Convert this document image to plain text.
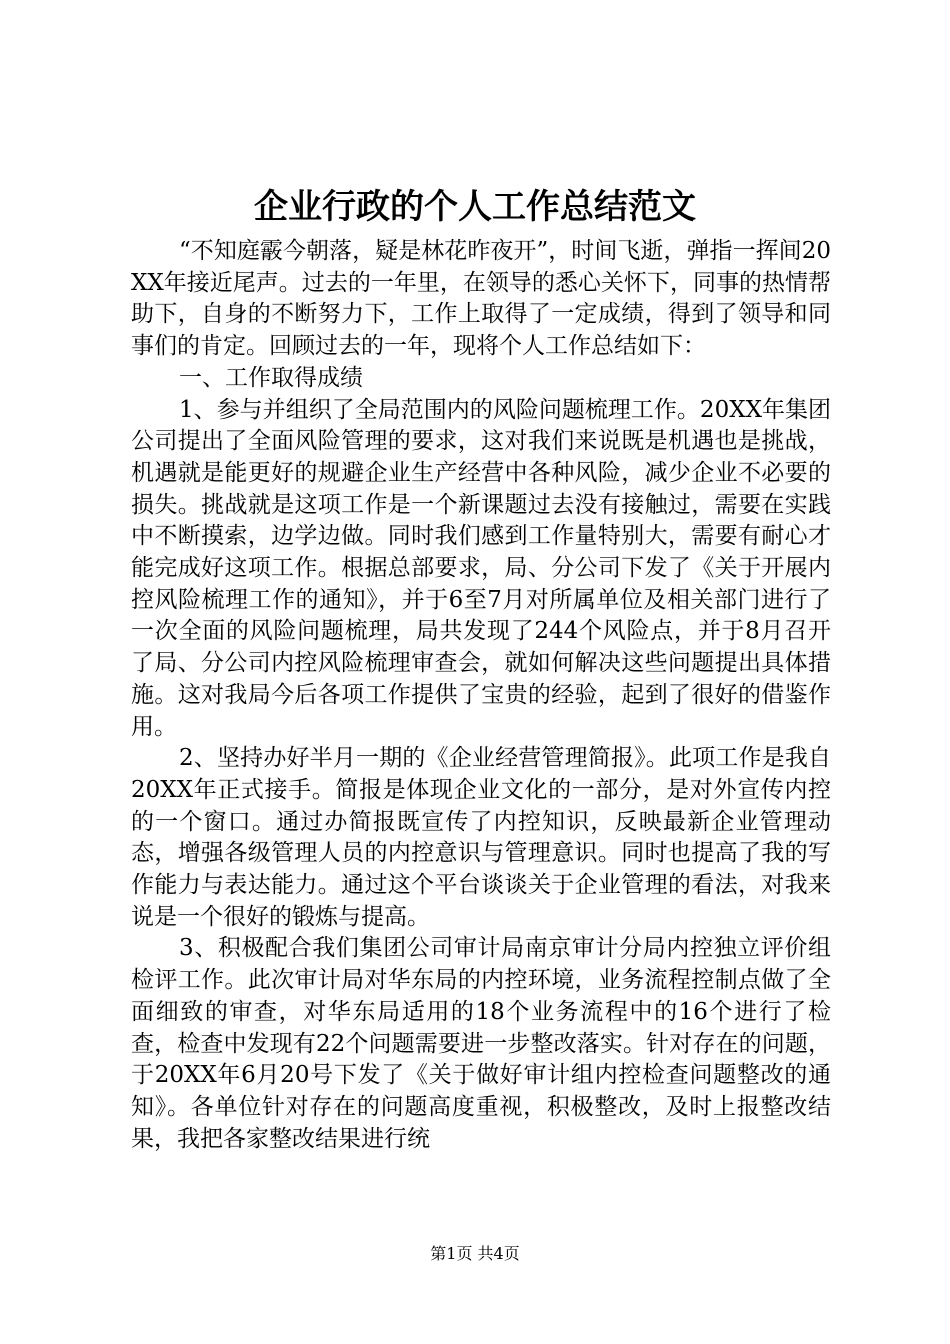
企业行政的个人工作总结范文

“不知庭霰今朝落，疑是林花昨夜开”，时间飞逝，弹指一挥间20XX年接近尾声。过去的一年里，在领导的悉心关怀下，同事的热情帮助下，自身的不断努力下，工作上取得了一定成绩，得到了领导和同事们的肯定。回顾过去的一年，现将个人工作总结如下：

一、工作取得成绩

1、参与并组织了全局范围内的风险问题梳理工作。20XX年集团公司提出了全面风险管理的要求，这对我们来说既是机遇也是挑战，机遇就是能更好的规避企业生产经营中各种风险，减少企业不必要的损失。挑战就是这项工作是一个新课题过去没有接触过，需要在实践中不断摸索，边学边做。同时我们感到工作量特别大，需要有耐心才能完成好这项工作。根据总部要求，局、分公司下发了《关于开展内控风险梳理工作的通知》，并于6至7月对所属单位及相关部门进行了一次全面的风险问题梳理，局共发现了244个风险点，并于8月召开了局、分公司内控风险梳理审查会，就如何解决这些问题提出具体措施。这对我局今后各项工作提供了宝贵的经验，起到了很好的借鉴作用。

2、坚持办好半月一期的《企业经营管理简报》。此项工作是我自20XX年正式接手。简报是体现企业文化的一部分，是对外宣传内控的一个窗口。通过办简报既宣传了内控知识，反映最新企业管理动态，增强各级管理人员的内控意识与管理意识。同时也提高了我的写作能力与表达能力。通过这个平台谈谈关于企业管理的看法，对我来说是一个很好的锻炼与提高。

3、积极配合我们集团公司审计局南京审计分局内控独立评价组检评工作。此次审计局对华东局的内控环境，业务流程控制点做了全面细致的审查，对华东局适用的18个业务流程中的16个进行了检查，检查中发现有22个问题需要进一步整改落实。针对存在的问题，于20XX年6月20号下发了《关于做好审计组内控检查问题整改的通知》。各单位针对存在的问题高度重视，积极整改，及时上报整改结果，我把各家整改结果进行统

第1页 共4页
